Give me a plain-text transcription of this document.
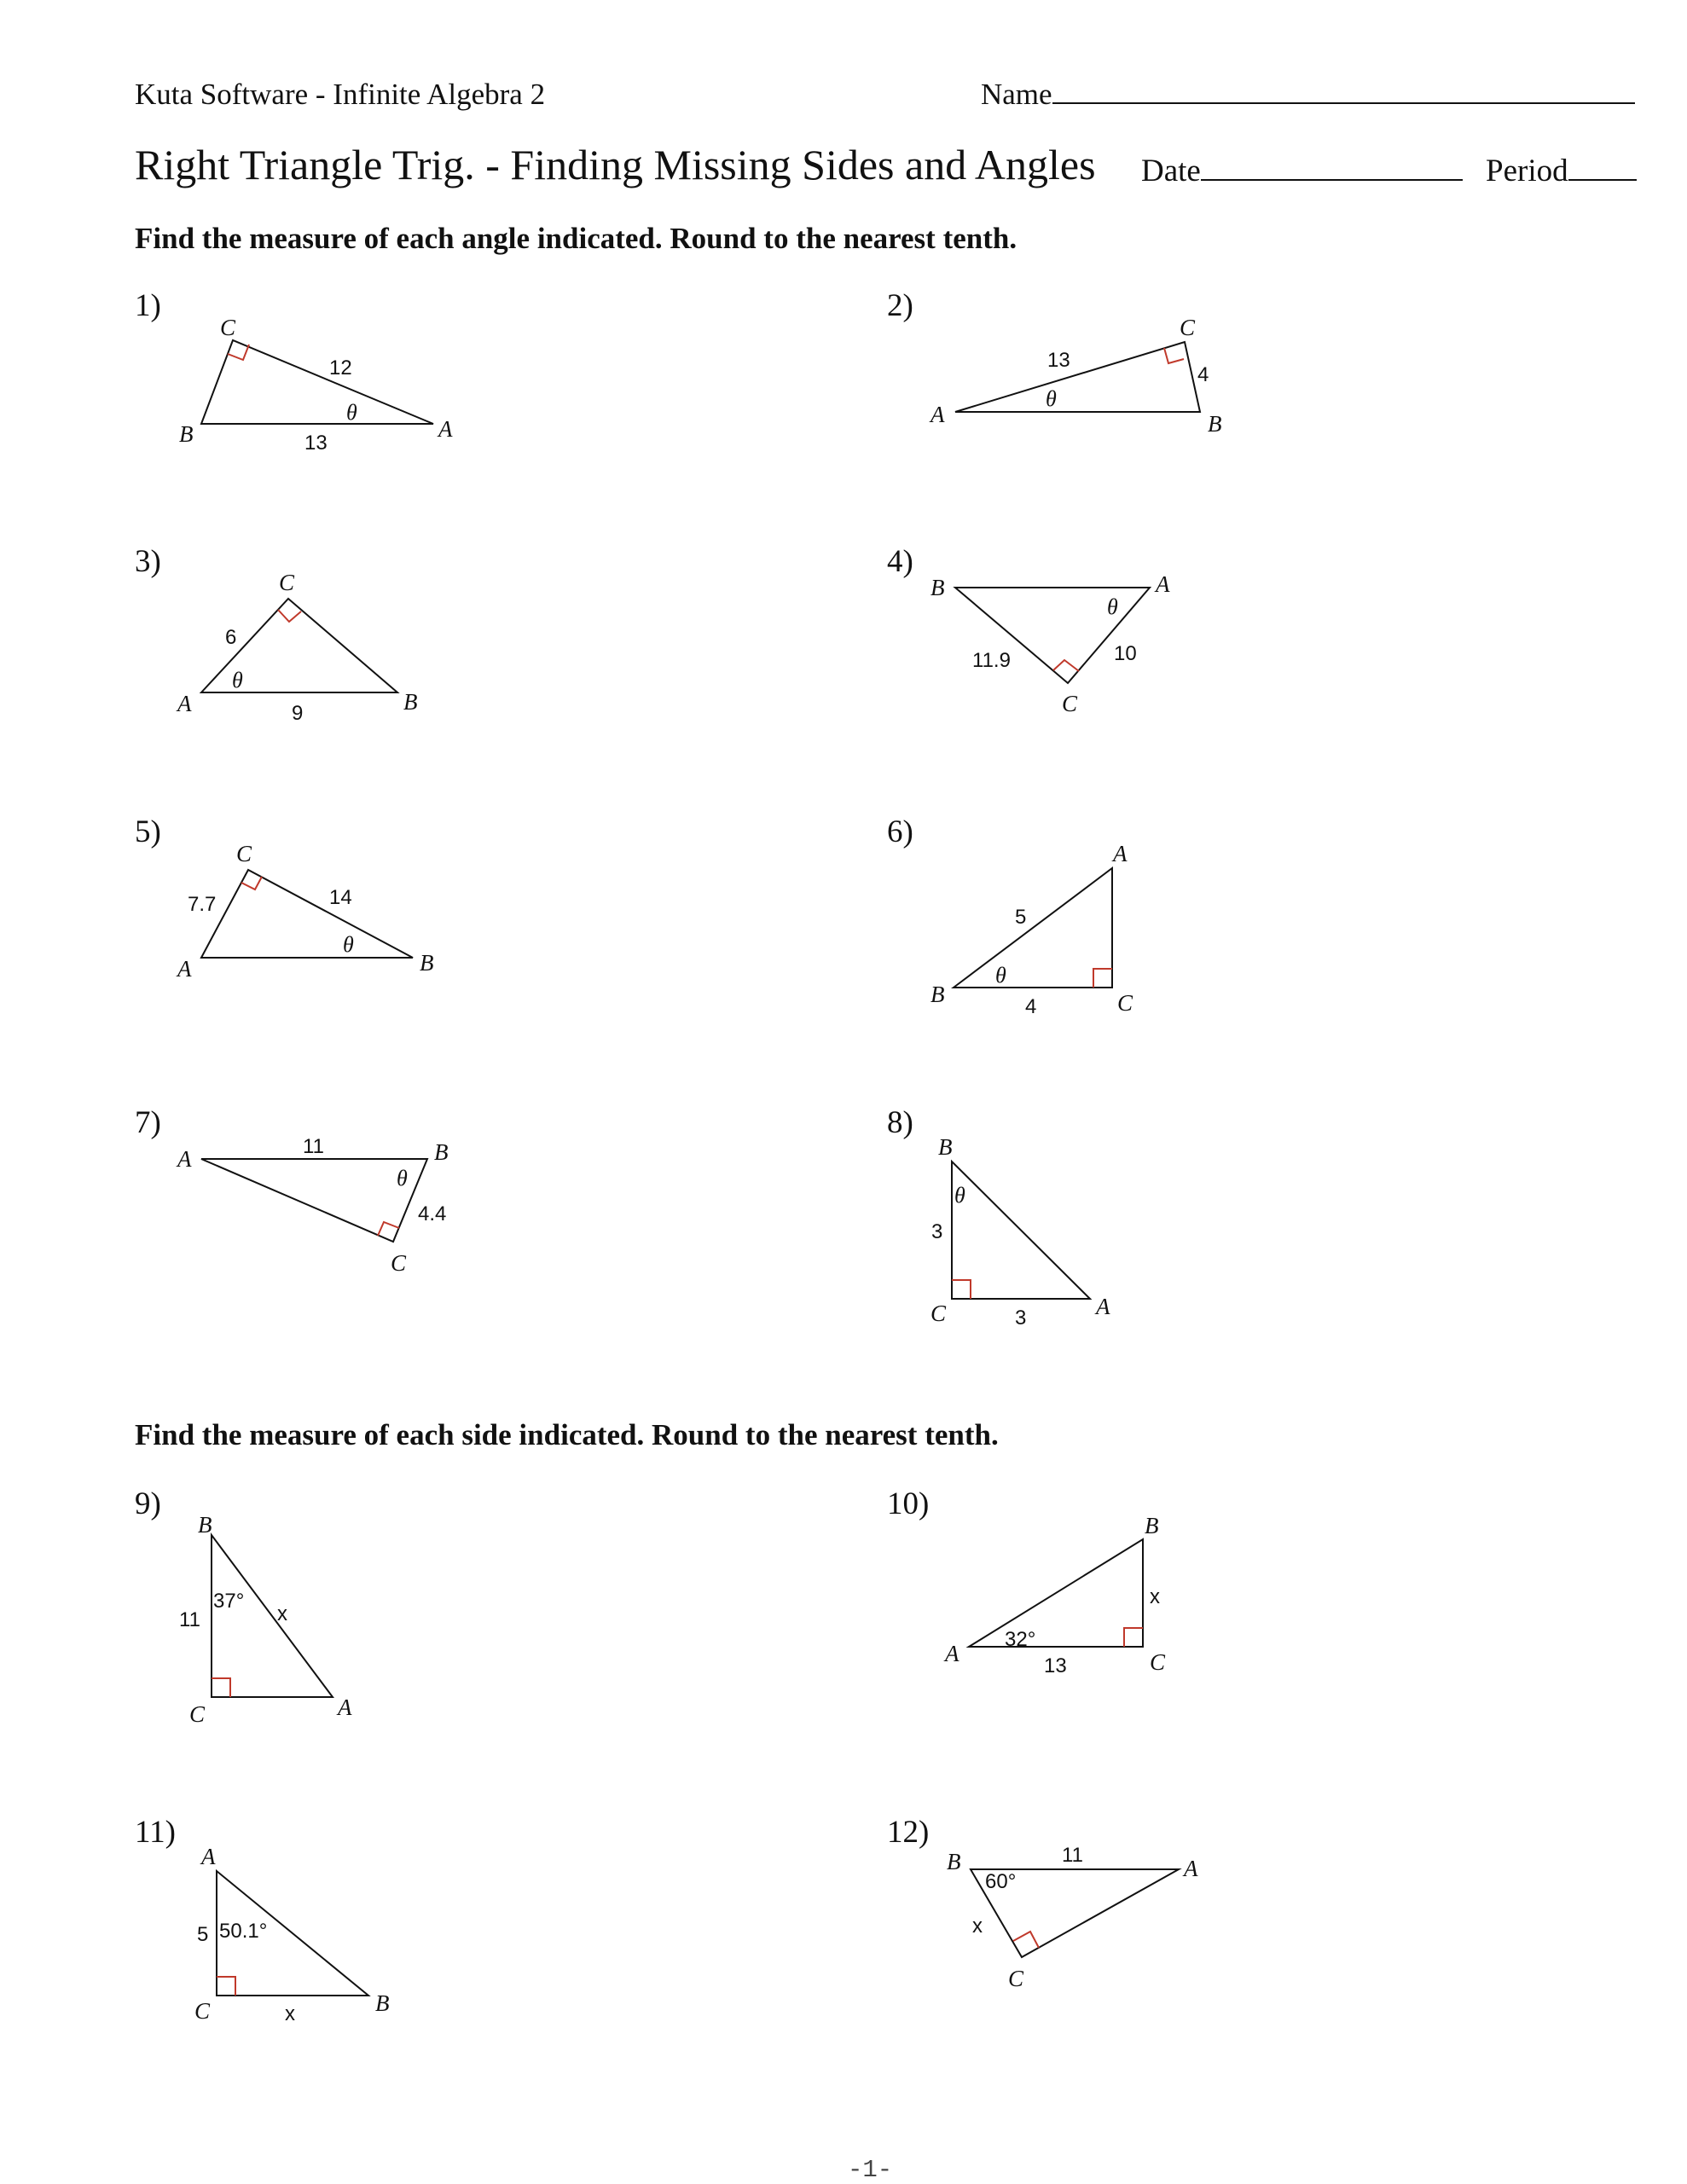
Kuta Software - Infinite Algebra 2	Name
Right Triangle Trig. - Finding Missing Sides and Angles Date	Period
Find the measure of each angle indicated. Round to the nearest tenth.
Find the measure of each side indicated. Round to the nearest tenth.
1)	2)
3)	4)
5)	6)
7)	8)
9)	10)
11)	12)
C
B	A
12
13
θ	A
C
B
13
4
θ
C
A	B
6
9
θ
B	A
C
11.9	10
θ
C
A	B
7.7	14
θ
A
B	C
5
4
θ
A	B
C
11
4.4
θ
B
C	A
3
3
θ
B
C	A
11	x
37°
A
B
C
x
13
32°
A
C	B
5
x
50.1°
B	A
C
11
x
60°
-1-
